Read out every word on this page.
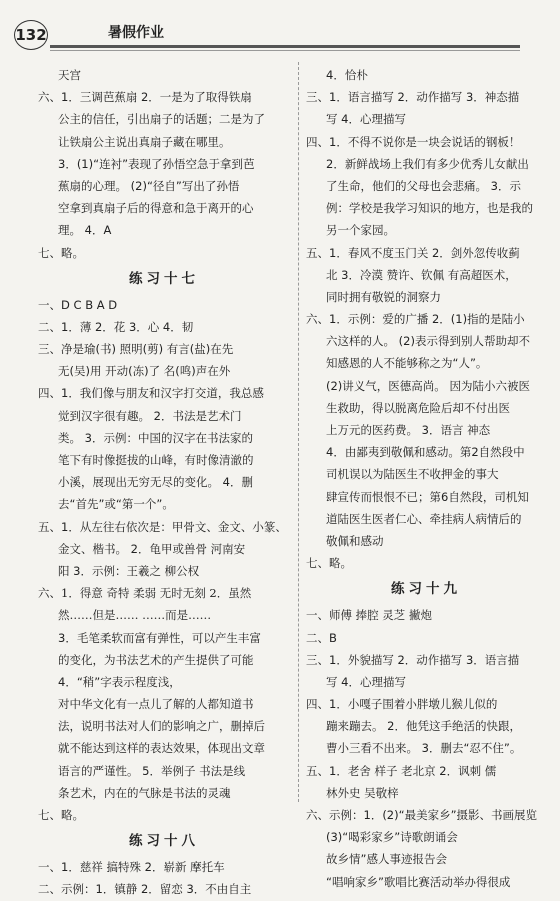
132	暑假作业
天宫
六、1．三调芭蕉扇 2．一是为了取得铁扇
公主的信任，引出扇子的话题；二是为了
让铁扇公主说出真扇子藏在哪里。
3．(1)“连衬”表现了孙悟空急于拿到芭
蕉扇的心理。 (2)“径自”写出了孙悟
空拿到真扇子后的得意和急于离开的心
理。 4．A
七、略。
练习十七
一、D C B A D
二、1．薄 2．花 3．心 4．韧
三、净是瑜(书) 照明(剪) 有言(盐)在先
无(吴)用 开动(冻)了 名(鸣)声在外
四、1．我们像与朋友和汉字打交道，我总感
觉到汉字很有趣。 2．书法是艺术门
类。 3．示例：中国的汉字在书法家的
笔下有时像挺拔的山峰，有时像清澈的
小溪，展现出无穷无尽的变化。 4．删
去“首先”或“第一个”。
五、1．从左往右依次是：甲骨文、金文、小篆、
金文、楷书。 2．龟甲或兽骨 河南安
阳 3．示例：王羲之 柳公权
六、1．得意 奇特 柔弱 无时无刻 2．虽然
然……但是…… ……而是……
3．毛笔柔软而富有弹性，可以产生丰富
的变化，为书法艺术的产生提供了可能
4．“稍”字表示程度浅，
对中华文化有一点儿了解的人都知道书
法，说明书法对人们的影响之广，删掉后
就不能达到这样的表达效果，体现出文章
语言的严谨性。 5．举例子 书法是线
条艺术，内在的气脉是书法的灵魂
七、略。
练习十八
一、1．慈祥 搞特殊 2．崭新 摩托车
二、示例：1．镇静 2．留恋 3．不由自主
4．恰朴
三、1．语言描写 2．动作描写 3．神态描
写 4．心理描写
四、1．不得不说你是一块会说话的钢板！
2．新鲜战场上我们有多少优秀儿女献出
了生命，他们的父母也会悲痛。 3．示
例：学校是我学习知识的地方，也是我的
另一个家园。
五、1．春风不度玉门关 2．剑外忽传收蓟
北 3．冷漠 赞许、钦佩 有高超医术，
同时拥有敬锐的洞察力
六、1．示例：爱的广播 2．(1)指的是陆小
六这样的人。 (2)表示得到别人帮助却不
知感恩的人不能够称之为“人”。
(2)讲义气，医德高尚。 因为陆小六被医
生救助，得以脱离危险后却不付出医
上万元的医药费。 3．语言 神态
4．由鄙夷到敬佩和感动。第2自然段中
司机误以为陆医生不收押金的事大
肆宣传而恨恨不已；第6自然段，司机知
道陆医生医者仁心、牵挂病人病情后的
敬佩和感动
七、略。
练习十九
一、师傅 捧腔 灵芝 撇炮
二、B
三、1．外貌描写 2．动作描写 3．语言描
写 4．心理描写
四、1．小嘎子围着小胖墩儿猴儿似的
蹦来蹦去。 2．他凭这手绝活的快跟，
曹小三看不出来。 3．删去“忍不住”。
五、1．老舍 样子 老北京 2．讽刺 儒
林外史 吴敬梓
六、示例：1．(2)“最美家乡”摄影、书画展览
(3)“喝彩家乡”诗歌朗诵会
故乡情”感人事迹报告会
“唱响家乡”歌唱比赛活动举办得很成
